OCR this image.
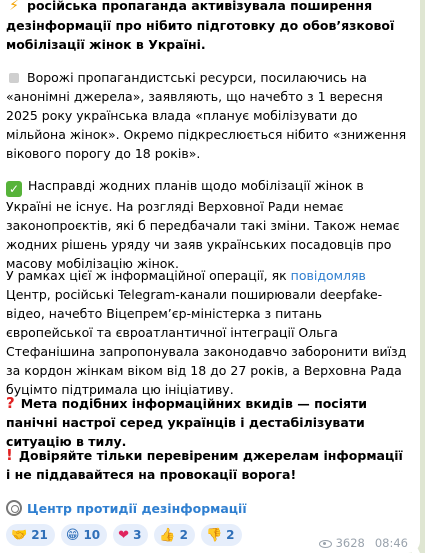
⚡ російська пропаганда активізувала поширення дезінформації про нібито підготовку до обов’язкової мобілізації жінок в Україні.

Ворожі пропагандистські ресурси, посилаючись на «анонімні джерела», заявляють, що начебто з 1 вересня 2025 року українська влада «планує мобілізувати до мільйона жінок». Окремо підкреслюється нібито «зниження вікового порогу до 18 років».

✓ Насправді жодних планів щодо мобілізації жінок в Україні не існує. На розгляді Верховної Ради немає законопроєктів, які б передбачали такі зміни. Також немає жодних рішень уряду чи заяв українських посадовців про масову мобілізацію жінок.

У рамках цієї ж інформаційної операції, як повідомляв Центр, російські Telegram-канали поширювали deepfake-відео, начебто Віцепрем’єр-міністерка з питань європейської та євроатлантичної інтеграції Ольга Стефанішина запропонувала законодавчо заборонити виїзд за кордон жінкам віком від 18 до 27 років, а Верховна Рада буцімто підтримала цю ініціативу.

? Мета подібних інформаційних вкидів — посіяти панічні настрої серед українців і дестабілізувати ситуацію в тилу.

! Довіряйте тільки перевіреним джерелам інформації і не піддавайтеся на провокації ворога!

Центр протидії дезінформації
🤝 21 😁 10 ❤ 3 👍 2 👎 2
3628 08:46
